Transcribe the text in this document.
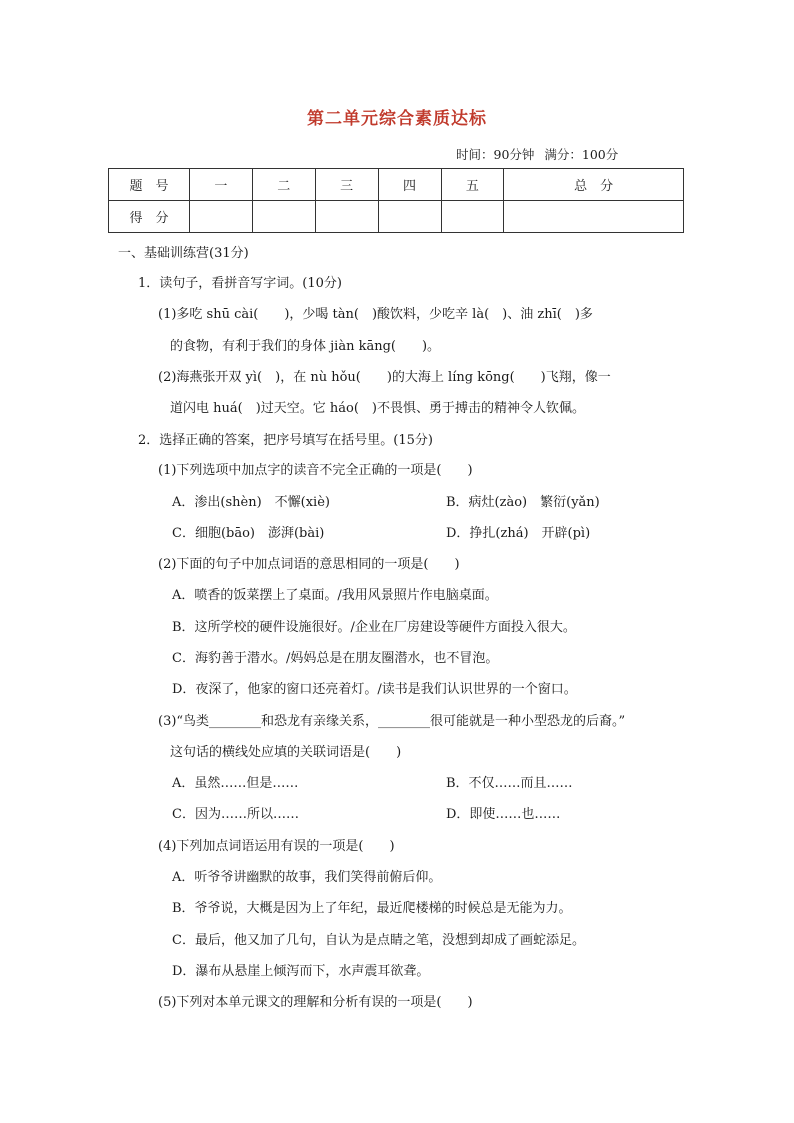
第二单元综合素质达标
时间：90分钟 满分：100分
题　号	一	二	三	四	五	总　分
得　分						
一、基础训练营(31分)
1．读句子，看拼音写字词。(10分)
(1)多吃 shū cài(　　)，少喝 tàn(　)酸饮料，少吃辛 là(　)、油 zhī(　)多
的食物，有利于我们的身体 jiàn kāng(　　)。
(2)海燕张开双 yì(　)，在 nù hǒu(　　)的大海上 líng kōng(　　)飞翔，像一
道闪电 huá(　)过天空。它 háo(　)不畏惧、勇于搏击的精神令人钦佩。
2．选择正确的答案，把序号填写在括号里。(15分)
(1)下列选项中加点字的读音不完全正确的一项是(　　)
A．渗出(shèn)　不懈(xiè)	B．病灶(zào)　繁衍(yǎn)
C．细胞(bāo)　澎湃(bài)	D．挣扎(zhá)　开辟(pì)
(2)下面的句子中加点词语的意思相同的一项是(　　)
A．喷香的饭菜摆上了桌面。/我用风景照片作电脑桌面。
B．这所学校的硬件设施很好。/企业在厂房建设等硬件方面投入很大。
C．海豹善于潜水。/妈妈总是在朋友圈潜水，也不冒泡。
D．夜深了，他家的窗口还亮着灯。/读书是我们认识世界的一个窗口。
(3)“鸟类________和恐龙有亲缘关系，________很可能就是一种小型恐龙的后裔。”
这句话的横线处应填的关联词语是(　　)
A．虽然……但是……	B．不仅……而且……
C．因为……所以……	D．即使……也……
(4)下列加点词语运用有误的一项是(　　)
A．听爷爷讲幽默的故事，我们笑得前俯后仰。
B．爷爷说，大概是因为上了年纪，最近爬楼梯的时候总是无能为力。
C．最后，他又加了几句，自认为是点睛之笔，没想到却成了画蛇添足。
D．瀑布从悬崖上倾泻而下，水声震耳欲聋。
(5)下列对本单元课文的理解和分析有误的一项是(　　)
